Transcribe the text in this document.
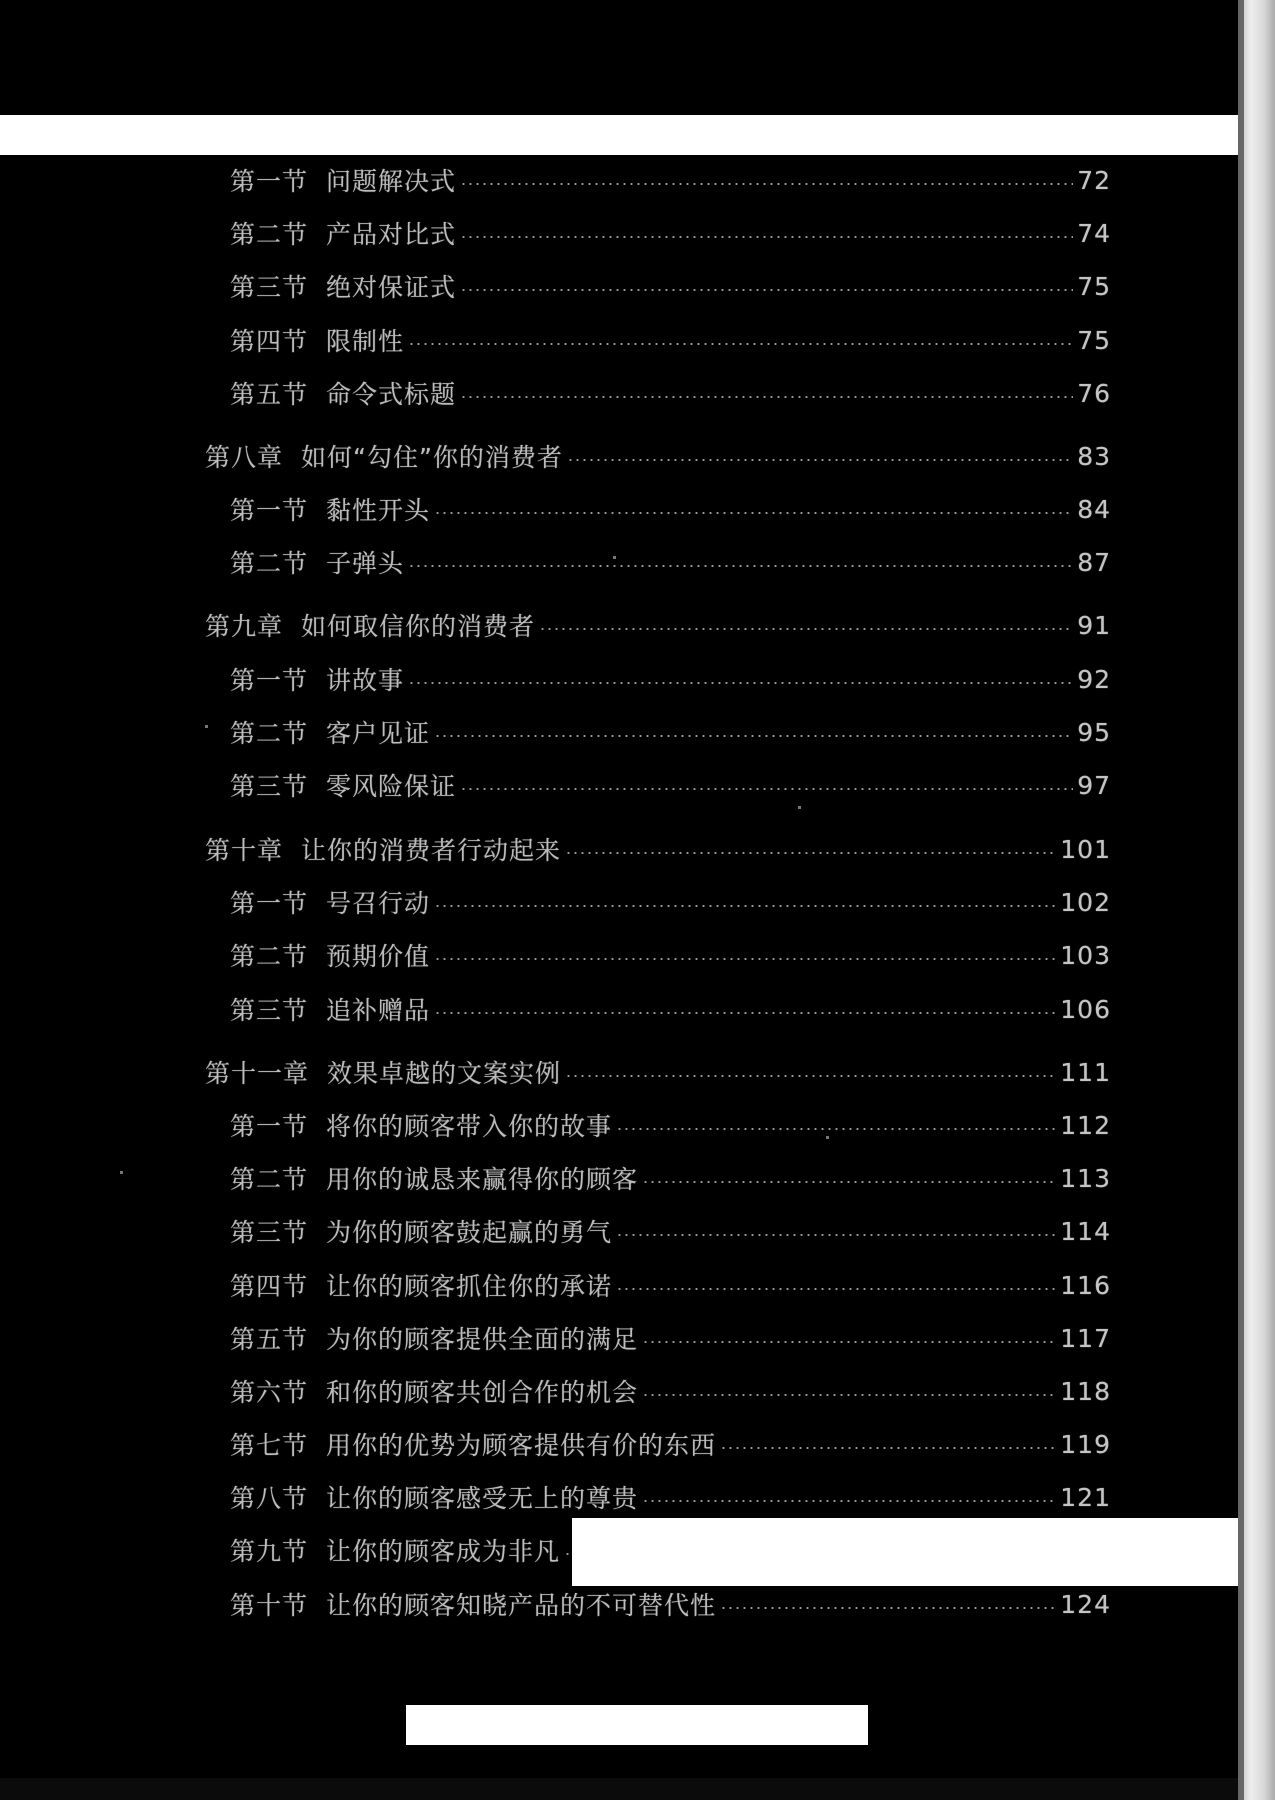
第一节 问题解决式	72
第二节 产品对比式	74
第三节 绝对保证式	75
第四节 限制性	75
第五节 命令式标题	76
第八章 如何“勾住”你的消费者	83
第一节 黏性开头	84
第二节 子弹头	87
第九章 如何取信你的消费者	91
第一节 讲故事	92
第二节 客户见证	95
第三节 零风险保证	97
第十章 让你的消费者行动起来	101
第一节 号召行动	102
第二节 预期价值	103
第三节 追补赠品	106
第十一章 效果卓越的文案实例	111
第一节 将你的顾客带入你的故事	112
第二节 用你的诚恳来赢得你的顾客	113
第三节 为你的顾客鼓起赢的勇气	114
第四节 让你的顾客抓住你的承诺	116
第五节 为你的顾客提供全面的满足	117
第六节 和你的顾客共创合作的机会	118
第七节 用你的优势为顾客提供有价的东西	119
第八节 让你的顾客感受无上的尊贵	121
第九节 让你的顾客成为非凡
第十节 让你的顾客知晓产品的不可替代性	124
